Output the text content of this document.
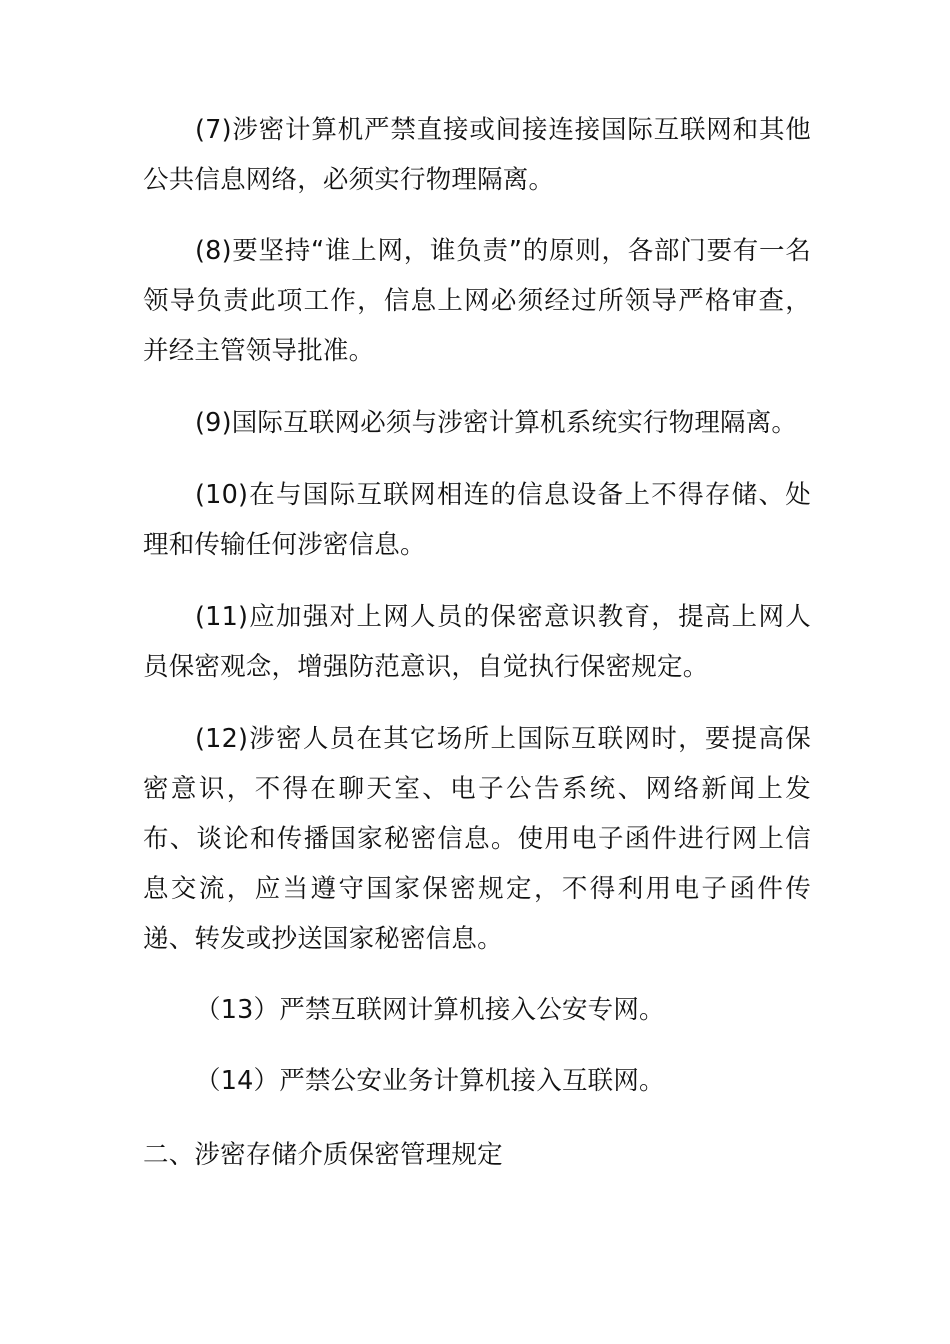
(7)涉密计算机严禁直接或间接连接国际互联网和其他公共信息网络，必须实行物理隔离。

(8)要坚持“谁上网，谁负责”的原则，各部门要有一名领导负责此项工作，信息上网必须经过所领导严格审查，并经主管领导批准。

(9)国际互联网必须与涉密计算机系统实行物理隔离。

(10)在与国际互联网相连的信息设备上不得存储、处理和传输任何涉密信息。

(11)应加强对上网人员的保密意识教育，提高上网人员保密观念，增强防范意识，自觉执行保密规定。

(12)涉密人员在其它场所上国际互联网时，要提高保密意识，不得在聊天室、电子公告系统、网络新闻上发布、谈论和传播国家秘密信息。使用电子函件进行网上信息交流，应当遵守国家保密规定，不得利用电子函件传递、转发或抄送国家秘密信息。

（13）严禁互联网计算机接入公安专网。

（14）严禁公安业务计算机接入互联网。

二、涉密存储介质保密管理规定
